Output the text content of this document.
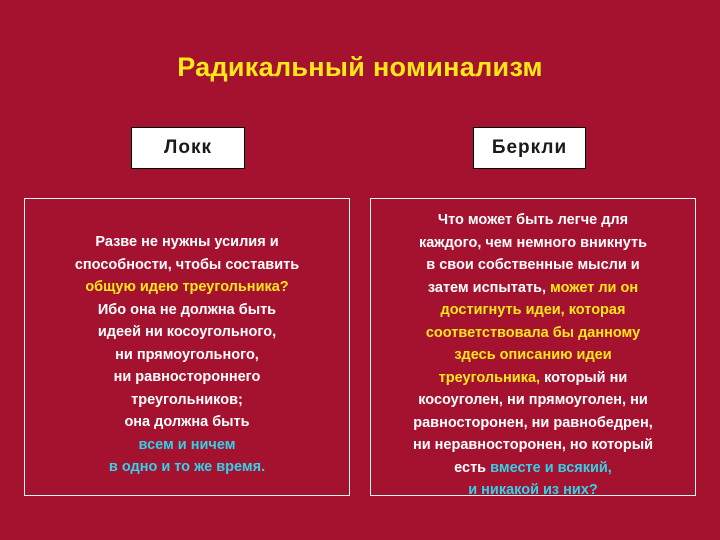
Радикальный номинализм
Локк	Беркли
Разве не нужны усилия и
способности, чтобы составить
общую идею треугольника?
Ибо она не должна быть
идеей ни косоугольного,
ни прямоугольного,
ни равностороннего
треугольников;
она должна быть
всем и ничем
в одно и то же время.
Что может быть легче для
каждого, чем немного вникнуть
в свои собственные мысли и
затем испытать, может ли он
достигнуть идеи, которая
соответствовала бы данному
здесь описанию идеи
треугольника, который ни
косоуголен, ни прямоуголен, ни
равносторонен, ни равнобедрен,
ни неравносторонен, но который
есть вместе и всякий,
и никакой из них?
